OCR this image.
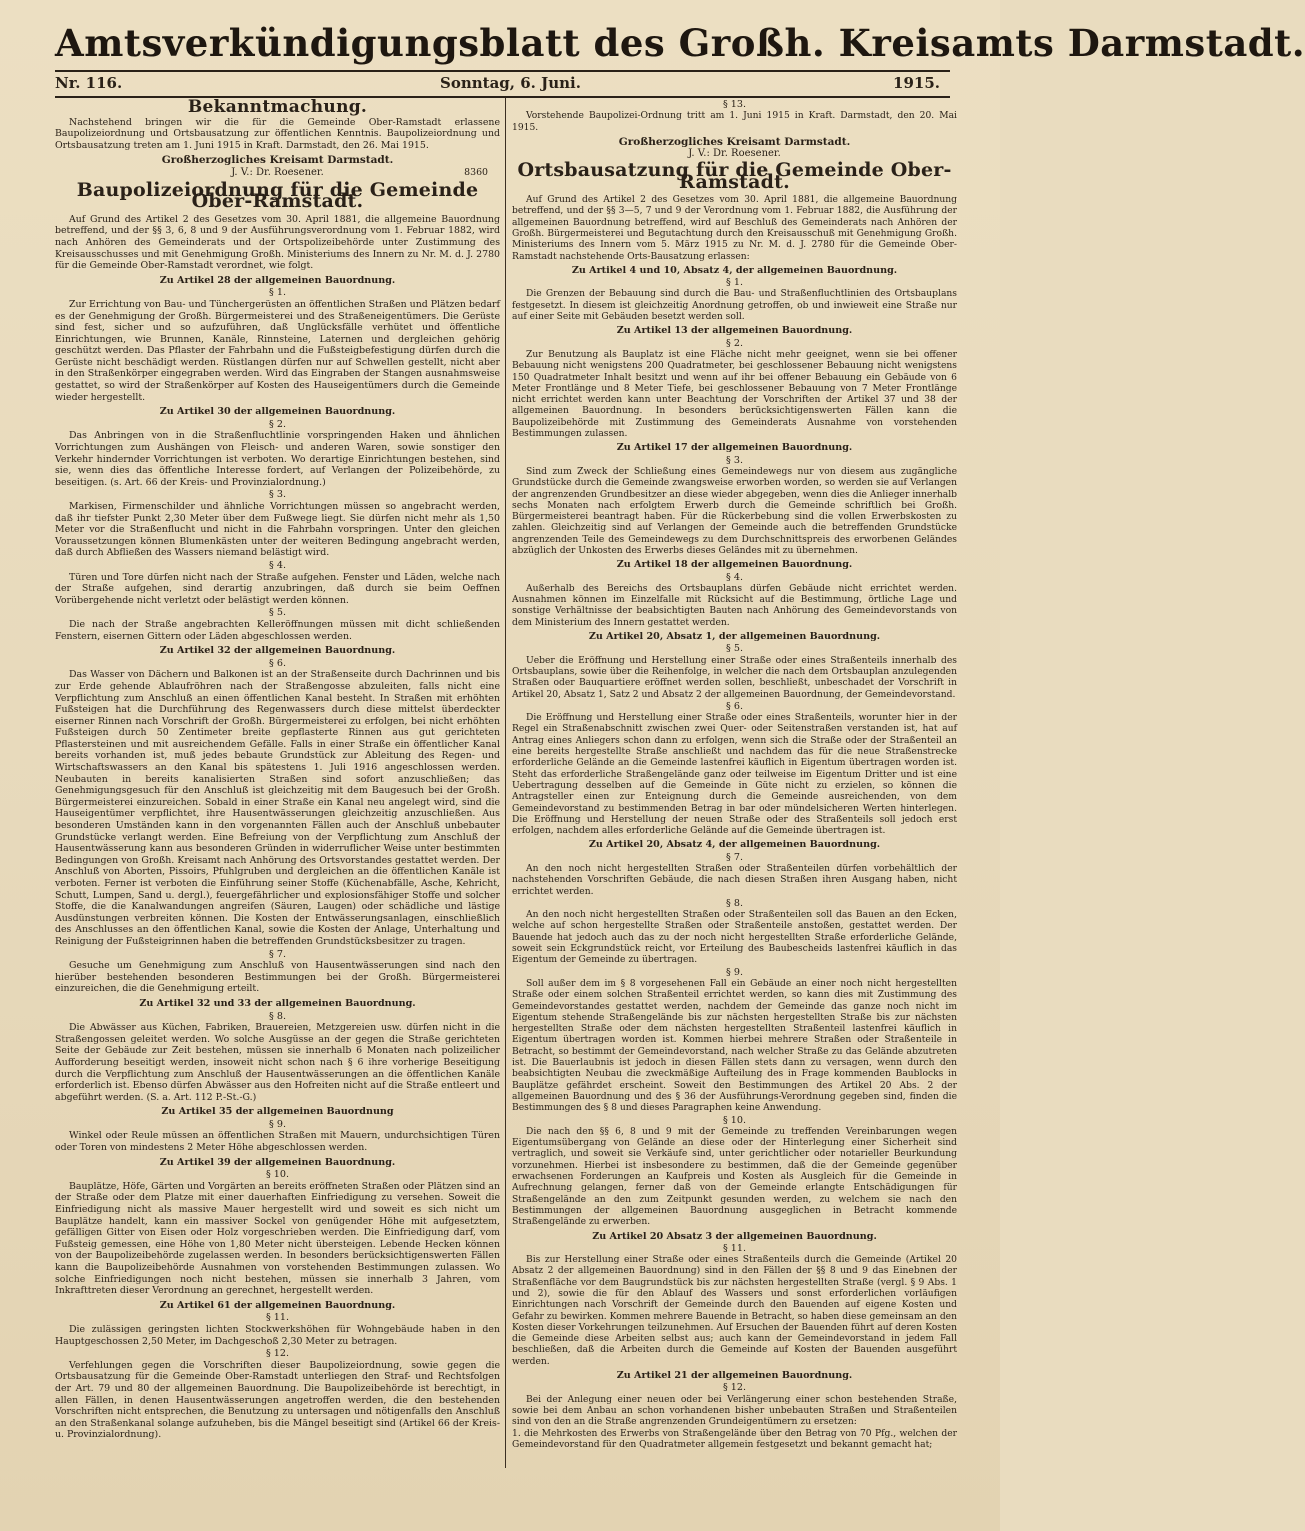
Amtsverkündigungsblatt des Großh. Kreisamts Darmstadt.
Nr. 116.	Sonntag, 6. Juni.	1915.
Bekanntmachung.

Nachstehend bringen wir die für die Gemeinde Ober-Ramstadt erlassene Baupolizeiordnung und Ortsbausatzung zur öffentlichen Kenntnis. Baupolizeiordnung und Ortsbausatzung treten am 1. Juni 1915 in Kraft. Darmstadt, den 26. Mai 1915.

Großherzogliches Kreisamt Darmstadt.
J. V.: Dr. Roesener.	8360
Baupolizeiordnung für die Gemeinde Ober-Ramstadt.

Auf Grund des Artikel 2 des Gesetzes vom 30. April 1881, die allgemeine Bauordnung betreffend, und der §§ 3, 6, 8 und 9 der Ausführungsverordnung vom 1. Februar 1882, wird nach Anhören des Gemeinderats und der Ortspolizeibehörde unter Zustimmung des Kreisausschusses und mit Genehmigung Großh. Ministeriums des Innern zu Nr. M. d. J. 2780 für die Gemeinde Ober-Ramstadt verordnet, wie folgt.

Zu Artikel 28 der allgemeinen Bauordnung.
§ 1.

Zur Errichtung von Bau- und Tünchergerüsten an öffentlichen Straßen und Plätzen bedarf es der Genehmigung der Großh. Bürgermeisterei und des Straßeneigentümers. Die Gerüste sind fest, sicher und so aufzuführen, daß Unglücksfälle verhütet und öffentliche Einrichtungen, wie Brunnen, Kanäle, Rinnsteine, Laternen und dergleichen gehörig geschützt werden. Das Pflaster der Fahrbahn und die Fußsteigbefestigung dürfen durch die Gerüste nicht beschädigt werden. Rüstlangen dürfen nur auf Schwellen gestellt, nicht aber in den Straßenkörper eingegraben werden. Wird das Eingraben der Stangen ausnahmsweise gestattet, so wird der Straßenkörper auf Kosten des Hauseigentümers durch die Gemeinde wieder hergestellt.

Zu Artikel 30 der allgemeinen Bauordnung.
§ 2.

Das Anbringen von in die Straßenfluchtlinie vorspringenden Haken und ähnlichen Vorrichtungen zum Aushängen von Fleisch- und anderen Waren, sowie sonstiger den Verkehr hindernder Vorrichtungen ist verboten. Wo derartige Einrichtungen bestehen, sind sie, wenn dies das öffentliche Interesse fordert, auf Verlangen der Polizeibehörde, zu beseitigen. (s. Art. 66 der Kreis- und Provinzialordnung.)

§ 3.

Markisen, Firmenschilder und ähnliche Vorrichtungen müssen so angebracht werden, daß ihr tiefster Punkt 2,30 Meter über dem Fußwege liegt. Sie dürfen nicht mehr als 1,50 Meter vor die Straßenflucht und nicht in die Fahrbahn vorspringen. Unter den gleichen Voraussetzungen können Blumenkästen unter der weiteren Bedingung angebracht werden, daß durch Abfließen des Wassers niemand belästigt wird.

§ 4.

Türen und Tore dürfen nicht nach der Straße aufgehen. Fenster und Läden, welche nach der Straße aufgehen, sind derartig anzubringen, daß durch sie beim Oeffnen Vorübergehende nicht verletzt oder belästigt werden können.

§ 5.

Die nach der Straße angebrachten Kelleröffnungen müssen mit dicht schließenden Fenstern, eisernen Gittern oder Läden abgeschlossen werden.

Zu Artikel 32 der allgemeinen Bauordnung.
§ 6.

Das Wasser von Dächern und Balkonen ist an der Straßenseite durch Dachrinnen und bis zur Erde gehende Ablaufröhren nach der Straßengosse abzuleiten, falls nicht eine Verpflichtung zum Anschluß an einen öffentlichen Kanal besteht. In Straßen mit erhöhten Fußsteigen hat die Durchführung des Regenwassers durch diese mittelst überdeckter eiserner Rinnen nach Vorschrift der Großh. Bürgermeisterei zu erfolgen, bei nicht erhöhten Fußsteigen durch 50 Zentimeter breite gepflasterte Rinnen aus gut gerichteten Pflastersteinen und mit ausreichendem Gefälle. Falls in einer Straße ein öffentlicher Kanal bereits vorhanden ist, muß jedes bebaute Grundstück zur Ableitung des Regen- und Wirtschaftswassers an den Kanal bis spätestens 1. Juli 1916 angeschlossen werden. Neubauten in bereits kanalisierten Straßen sind sofort anzuschließen; das Genehmigungsgesuch für den Anschluß ist gleichzeitig mit dem Baugesuch bei der Großh. Bürgermeisterei einzureichen. Sobald in einer Straße ein Kanal neu angelegt wird, sind die Hauseigentümer verpflichtet, ihre Hausentwässerungen gleichzeitig anzuschließen. Aus besonderen Umständen kann in den vorgenannten Fällen auch der Anschluß unbebauter Grundstücke verlangt werden. Eine Befreiung von der Verpflichtung zum Anschluß der Hausentwässerung kann aus besonderen Gründen in widerruflicher Weise unter bestimmten Bedingungen von Großh. Kreisamt nach Anhörung des Ortsvorstandes gestattet werden. Der Anschluß von Aborten, Pissoirs, Pfuhlgruben und dergleichen an die öffentlichen Kanäle ist verboten. Ferner ist verboten die Einführung seiner Stoffe (Küchenabfälle, Asche, Kehricht, Schutt, Lumpen, Sand u. dergl.), feuergefährlicher und explosionsfähiger Stoffe und solcher Stoffe, die die Kanalwandungen angreifen (Säuren, Laugen) oder schädliche und lästige Ausdünstungen verbreiten können. Die Kosten der Entwässerungsanlagen, einschließlich des Anschlusses an den öffentlichen Kanal, sowie die Kosten der Anlage, Unterhaltung und Reinigung der Fußsteigrinnen haben die betreffenden Grundstücksbesitzer zu tragen.

§ 7.

Gesuche um Genehmigung zum Anschluß von Hausentwässerungen sind nach den hierüber bestehenden besonderen Bestimmungen bei der Großh. Bürgermeisterei einzureichen, die die Genehmigung erteilt.

Zu Artikel 32 und 33 der allgemeinen Bauordnung.
§ 8.

Die Abwässer aus Küchen, Fabriken, Brauereien, Metzgereien usw. dürfen nicht in die Straßengossen geleitet werden. Wo solche Ausgüsse an der gegen die Straße gerichteten Seite der Gebäude zur Zeit bestehen, müssen sie innerhalb 6 Monaten nach polizeilicher Aufforderung beseitigt werden, insoweit nicht schon nach § 6 ihre vorherige Beseitigung durch die Verpflichtung zum Anschluß der Hausentwässerungen an die öffentlichen Kanäle erforderlich ist. Ebenso dürfen Abwässer aus den Hofreiten nicht auf die Straße entleert und abgeführt werden. (S. a. Art. 112 P.-St.-G.)

Zu Artikel 35 der allgemeinen Bauordnung
§ 9.

Winkel oder Reule müssen an öffentlichen Straßen mit Mauern, undurchsichtigen Türen oder Toren von mindestens 2 Meter Höhe abgeschlossen werden.

Zu Artikel 39 der allgemeinen Bauordnung.
§ 10.

Bauplätze, Höfe, Gärten und Vorgärten an bereits eröffneten Straßen oder Plätzen sind an der Straße oder dem Platze mit einer dauerhaften Einfriedigung zu versehen. Soweit die Einfriedigung nicht als massive Mauer hergestellt wird und soweit es sich nicht um Bauplätze handelt, kann ein massiver Sockel von genügender Höhe mit aufgesetztem, gefälligen Gitter von Eisen oder Holz vorgeschrieben werden. Die Einfriedigung darf, vom Fußsteig gemessen, eine Höhe von 1,80 Meter nicht übersteigen. Lebende Hecken können von der Baupolizeibehörde zugelassen werden. In besonders berücksichtigenswerten Fällen kann die Baupolizeibehörde Ausnahmen von vorstehenden Bestimmungen zulassen. Wo solche Einfriedigungen noch nicht bestehen, müssen sie innerhalb 3 Jahren, vom Inkrafttreten dieser Verordnung an gerechnet, hergestellt werden.

Zu Artikel 61 der allgemeinen Bauordnung.
§ 11.

Die zulässigen geringsten lichten Stockwerkshöhen für Wohngebäude haben in den Hauptgeschossen 2,50 Meter, im Dachgeschoß 2,30 Meter zu betragen.

§ 12.

Verfehlungen gegen die Vorschriften dieser Baupolizeiordnung, sowie gegen die Ortsbausatzung für die Gemeinde Ober-Ramstadt unterliegen den Straf- und Rechtsfolgen der Art. 79 und 80 der allgemeinen Bauordnung. Die Baupolizeibehörde ist berechtigt, in allen Fällen, in denen Hausentwässerungen angetroffen werden, die den bestehenden Vorschriften nicht entsprechen, die Benutzung zu untersagen und nötigenfalls den Anschluß an den Straßenkanal solange aufzuheben, bis die Mängel beseitigt sind (Artikel 66 der Kreis- u. Provinzialordnung).

§ 13.

Vorstehende Baupolizei-Ordnung tritt am 1. Juni 1915 in Kraft. Darmstadt, den 20. Mai 1915.

Großherzogliches Kreisamt Darmstadt.
J. V.: Dr. Roesener.
Ortsbausatzung für die Gemeinde Ober-Ramstadt.

Auf Grund des Artikel 2 des Gesetzes vom 30. April 1881, die allgemeine Bauordnung betreffend, und der §§ 3—5, 7 und 9 der Verordnung vom 1. Februar 1882, die Ausführung der allgemeinen Bauordnung betreffend, wird auf Beschluß des Gemeinderats nach Anhören der Großh. Bürgermeisterei und Begutachtung durch den Kreisausschuß mit Genehmigung Großh. Ministeriums des Innern vom 5. März 1915 zu Nr. M. d. J. 2780 für die Gemeinde Ober-Ramstadt nachstehende Orts-Bausatzung erlassen:

Zu Artikel 4 und 10, Absatz 4, der allgemeinen Bauordnung.
§ 1.

Die Grenzen der Bebauung sind durch die Bau- und Straßenfluchtlinien des Ortsbauplans festgesetzt. In diesem ist gleichzeitig Anordnung getroffen, ob und inwieweit eine Straße nur auf einer Seite mit Gebäuden besetzt werden soll.

Zu Artikel 13 der allgemeinen Bauordnung.
§ 2.

Zur Benutzung als Bauplatz ist eine Fläche nicht mehr geeignet, wenn sie bei offener Bebauung nicht wenigstens 200 Quadratmeter, bei geschlossener Bebauung nicht wenigstens 150 Quadratmeter Inhalt besitzt und wenn auf ihr bei offener Bebauung ein Gebäude von 6 Meter Frontlänge und 8 Meter Tiefe, bei geschlossener Bebauung von 7 Meter Frontlänge nicht errichtet werden kann unter Beachtung der Vorschriften der Artikel 37 und 38 der allgemeinen Bauordnung. In besonders berücksichtigenswerten Fällen kann die Baupolizeibehörde mit Zustimmung des Gemeinderats Ausnahme von vorstehenden Bestimmungen zulassen.

Zu Artikel 17 der allgemeinen Bauordnung.
§ 3.

Sind zum Zweck der Schließung eines Gemeindewegs nur von diesem aus zugängliche Grundstücke durch die Gemeinde zwangsweise erworben worden, so werden sie auf Verlangen der angrenzenden Grundbesitzer an diese wieder abgegeben, wenn dies die Anlieger innerhalb sechs Monaten nach erfolgtem Erwerb durch die Gemeinde schriftlich bei Großh. Bürgermeisterei beantragt haben. Für die Rückerbebung sind die vollen Erwerbskosten zu zahlen. Gleichzeitig sind auf Verlangen der Gemeinde auch die betreffenden Grundstücke angrenzenden Teile des Gemeindewegs zu dem Durchschnittspreis des erworbenen Geländes abzüglich der Unkosten des Erwerbs dieses Geländes mit zu übernehmen.

Zu Artikel 18 der allgemeinen Bauordnung.
§ 4.

Außerhalb des Bereichs des Ortsbauplans dürfen Gebäude nicht errichtet werden. Ausnahmen können im Einzelfalle mit Rücksicht auf die Bestimmung, örtliche Lage und sonstige Verhältnisse der beabsichtigten Bauten nach Anhörung des Gemeindevorstands von dem Ministerium des Innern gestattet werden.

Zu Artikel 20, Absatz 1, der allgemeinen Bauordnung.
§ 5.

Ueber die Eröffnung und Herstellung einer Straße oder eines Straßenteils innerhalb des Ortsbauplans, sowie über die Reihenfolge, in welcher die nach dem Ortsbauplan anzulegenden Straßen oder Bauquartiere eröffnet werden sollen, beschließt, unbeschadet der Vorschrift in Artikel 20, Absatz 1, Satz 2 und Absatz 2 der allgemeinen Bauordnung, der Gemeindevorstand.

§ 6.

Die Eröffnung und Herstellung einer Straße oder eines Straßenteils, worunter hier in der Regel ein Straßenabschnitt zwischen zwei Quer- oder Seitenstraßen verstanden ist, hat auf Antrag eines Anliegers schon dann zu erfolgen, wenn sich die Straße oder der Straßenteil an eine bereits hergestellte Straße anschließt und nachdem das für die neue Straßenstrecke erforderliche Gelände an die Gemeinde lastenfrei käuflich in Eigentum übertragen worden ist. Steht das erforderliche Straßengelände ganz oder teilweise im Eigentum Dritter und ist eine Uebertragung desselben auf die Gemeinde in Güte nicht zu erzielen, so können die Antragsteller einen zur Enteignung durch die Gemeinde ausreichenden, von dem Gemeindevorstand zu bestimmenden Betrag in bar oder mündelsicheren Werten hinterlegen. Die Eröffnung und Herstellung der neuen Straße oder des Straßenteils soll jedoch erst erfolgen, nachdem alles erforderliche Gelände auf die Gemeinde übertragen ist.

Zu Artikel 20, Absatz 4, der allgemeinen Bauordnung.
§ 7.

An den noch nicht hergestellten Straßen oder Straßenteilen dürfen vorbehältlich der nachstehenden Vorschriften Gebäude, die nach diesen Straßen ihren Ausgang haben, nicht errichtet werden.

§ 8.

An den noch nicht hergestellten Straßen oder Straßenteilen soll das Bauen an den Ecken, welche auf schon hergestellte Straßen oder Straßenteile anstoßen, gestattet werden. Der Bauende hat jedoch auch das zu der noch nicht hergestellten Straße erforderliche Gelände, soweit sein Eckgrundstück reicht, vor Erteilung des Baubescheids lastenfrei käuflich in das Eigentum der Gemeinde zu übertragen.

§ 9.

Soll außer dem im § 8 vorgesehenen Fall ein Gebäude an einer noch nicht hergestellten Straße oder einem solchen Straßenteil errichtet werden, so kann dies mit Zustimmung des Gemeindevorstandes gestattet werden, nachdem der Gemeinde das ganze noch nicht im Eigentum stehende Straßengelände bis zur nächsten hergestellten Straße bis zur nächsten hergestellten Straße oder dem nächsten hergestellten Straßenteil lastenfrei käuflich in Eigentum übertragen worden ist. Kommen hierbei mehrere Straßen oder Straßenteile in Betracht, so bestimmt der Gemeindevorstand, nach welcher Straße zu das Gelände abzutreten ist. Die Bauerlaubnis ist jedoch in diesen Fällen stets dann zu versagen, wenn durch den beabsichtigten Neubau die zweckmäßige Aufteilung des in Frage kommenden Baublocks in Bauplätze gefährdet erscheint. Soweit den Bestimmungen des Artikel 20 Abs. 2 der allgemeinen Bauordnung und des § 36 der Ausführungs-Verordnung gegeben sind, finden die Bestimmungen des § 8 und dieses Paragraphen keine Anwendung.

§ 10.

Die nach den §§ 6, 8 und 9 mit der Gemeinde zu treffenden Vereinbarungen wegen Eigentumsübergang von Gelände an diese oder der Hinterlegung einer Sicherheit sind vertraglich, und soweit sie Verkäufe sind, unter gerichtlicher oder notarieller Beurkundung vorzunehmen. Hierbei ist insbesondere zu bestimmen, daß die der Gemeinde gegenüber erwachsenen Forderungen an Kaufpreis und Kosten als Ausgleich für die Gemeinde in Aufrechnung gelangen, ferner daß von der Gemeinde erlangte Entschädigungen für Straßengelände an den zum Zeitpunkt gesunden werden, zu welchem sie nach den Bestimmungen der allgemeinen Bauordnung ausgeglichen in Betracht kommende Straßengelände zu erwerben.

Zu Artikel 20 Absatz 3 der allgemeinen Bauordnung.
§ 11.

Bis zur Herstellung einer Straße oder eines Straßenteils durch die Gemeinde (Artikel 20 Absatz 2 der allgemeinen Bauordnung) sind in den Fällen der §§ 8 und 9 das Einebnen der Straßenfläche vor dem Baugrundstück bis zur nächsten hergestellten Straße (vergl. § 9 Abs. 1 und 2), sowie die für den Ablauf des Wassers und sonst erforderlichen vorläufigen Einrichtungen nach Vorschrift der Gemeinde durch den Bauenden auf eigene Kosten und Gefahr zu bewirken. Kommen mehrere Bauende in Betracht, so haben diese gemeinsam an den Kosten dieser Vorkehrungen teilzunehmen. Auf Ersuchen der Bauenden führt auf deren Kosten die Gemeinde diese Arbeiten selbst aus; auch kann der Gemeindevorstand in jedem Fall beschließen, daß die Arbeiten durch die Gemeinde auf Kosten der Bauenden ausgeführt werden.

Zu Artikel 21 der allgemeinen Bauordnung.
§ 12.

Bei der Anlegung einer neuen oder bei Verlängerung einer schon bestehenden Straße, sowie bei dem Anbau an schon vorhandenen bisher unbebauten Straßen und Straßenteilen sind von den an die Straße angrenzenden Grundeigentümern zu ersetzen:

1. die Mehrkosten des Erwerbs von Straßengelände über den Betrag von 70 Pfg., welchen der Gemeindevorstand für den Quadratmeter allgemein festgesetzt und bekannt gemacht hat;
